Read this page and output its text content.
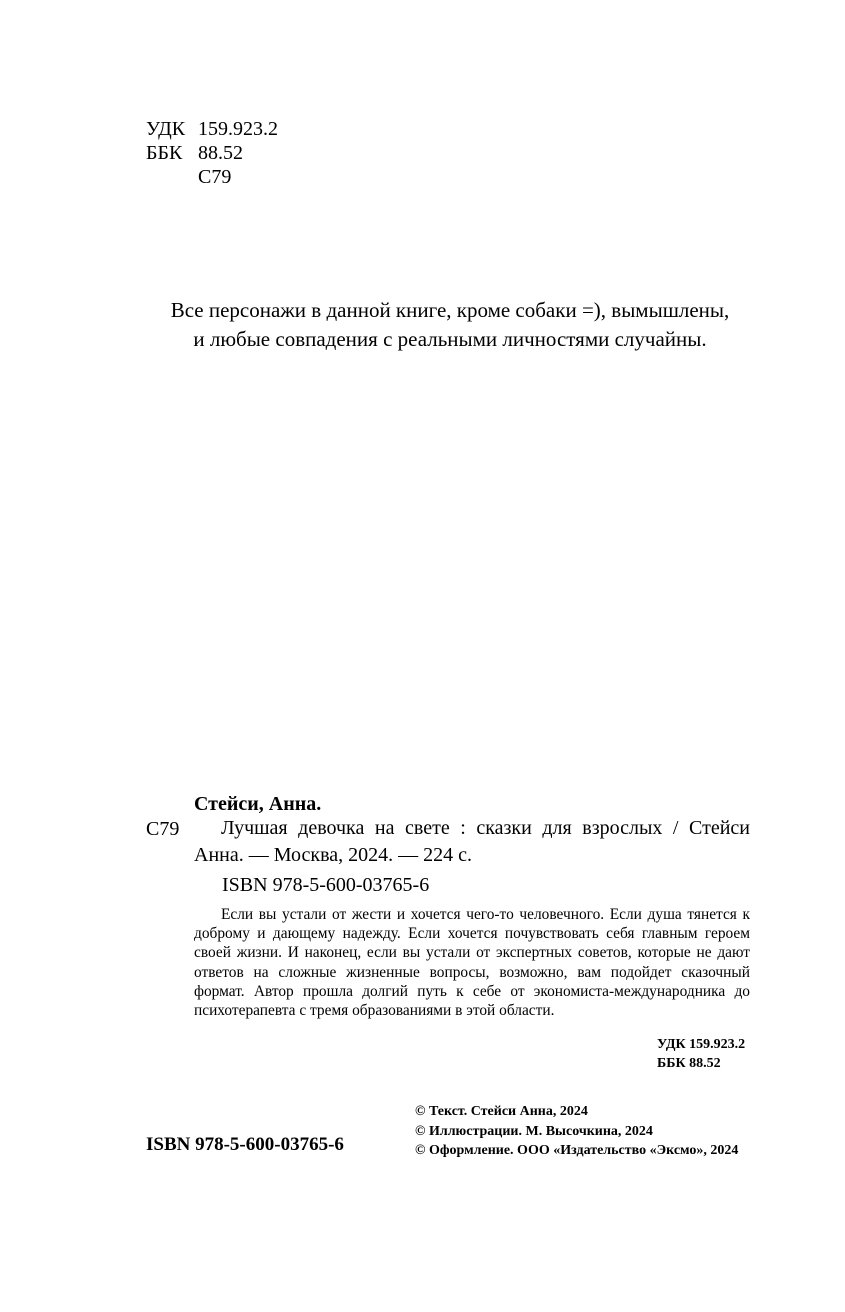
УДК 159.923.2
ББК 88.52
С79
Все персонажи в данной книге, кроме собаки =), вымышлены,
и любые совпадения с реальными личностями случайны.
Стейси, Анна.
С79	Лучшая девочка на свете : сказки для взрослых / Стейси Анна. — Москва, 2024. — 224 с.
ISBN 978-5-600-03765-6
Если вы устали от жести и хочется чего-то человечного. Если душа тянется к доброму и дающему надежду. Если хочется почувствовать себя главным героем своей жизни. И наконец, если вы устали от экспертных советов, которые не дают ответов на сложные жизненные вопросы, возможно, вам подойдет сказочный формат. Автор прошла долгий путь к себе от экономиста-международника до психотерапевта с тремя образованиями в этой области.
УДК 159.923.2
ББК 88.52
ISBN 978-5-600-03765-6
© Текст. Стейси Анна, 2024
© Иллюстрации. М. Высочкина, 2024
© Оформление. ООО «Издательство «Эксмо», 2024
